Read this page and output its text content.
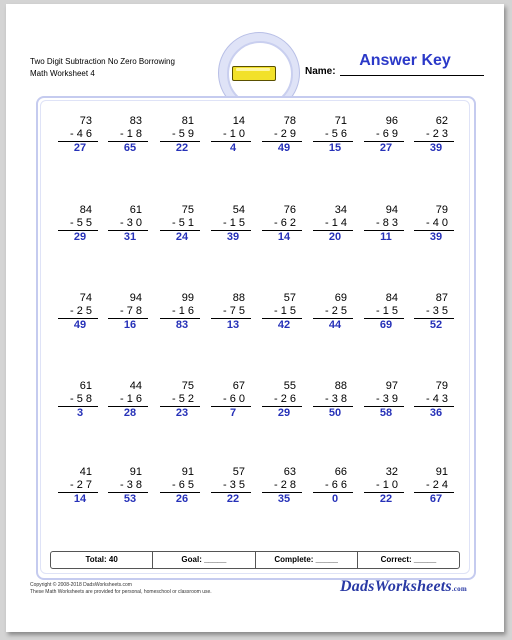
Two Digit Subtraction No Zero Borrowing
Math Worksheet 4
Answer Key
Name:
73
- 4 6
27
83
- 1 8
65
81
- 5 9
22
14
- 1 0
4
78
- 2 9
49
71
- 5 6
15
96
- 6 9
27
62
- 2 3
39
84
- 5 5
29
61
- 3 0
31
75
- 5 1
24
54
- 1 5
39
76
- 6 2
14
34
- 1 4
20
94
- 8 3
11
79
- 4 0
39
74
- 2 5
49
94
- 7 8
16
99
- 1 6
83
88
- 7 5
13
57
- 1 5
42
69
- 2 5
44
84
- 1 5
69
87
- 3 5
52
61
- 5 8
3
44
- 1 6
28
75
- 5 2
23
67
- 6 0
7
55
- 2 6
29
88
- 3 8
50
97
- 3 9
58
79
- 4 3
36
41
- 2 7
14
91
- 3 8
53
91
- 6 5
26
57
- 3 5
22
63
- 2 8
35
66
- 6 6
0
32
- 1 0
22
91
- 2 4
67
Total: 40	Goal: _____	Complete: _____	Correct: _____
Copyright © 2008-2018 DadsWorksheets.com
These Math Worksheets are provided for personal, homeschool or classroom use.	DadsWorksheets.com
